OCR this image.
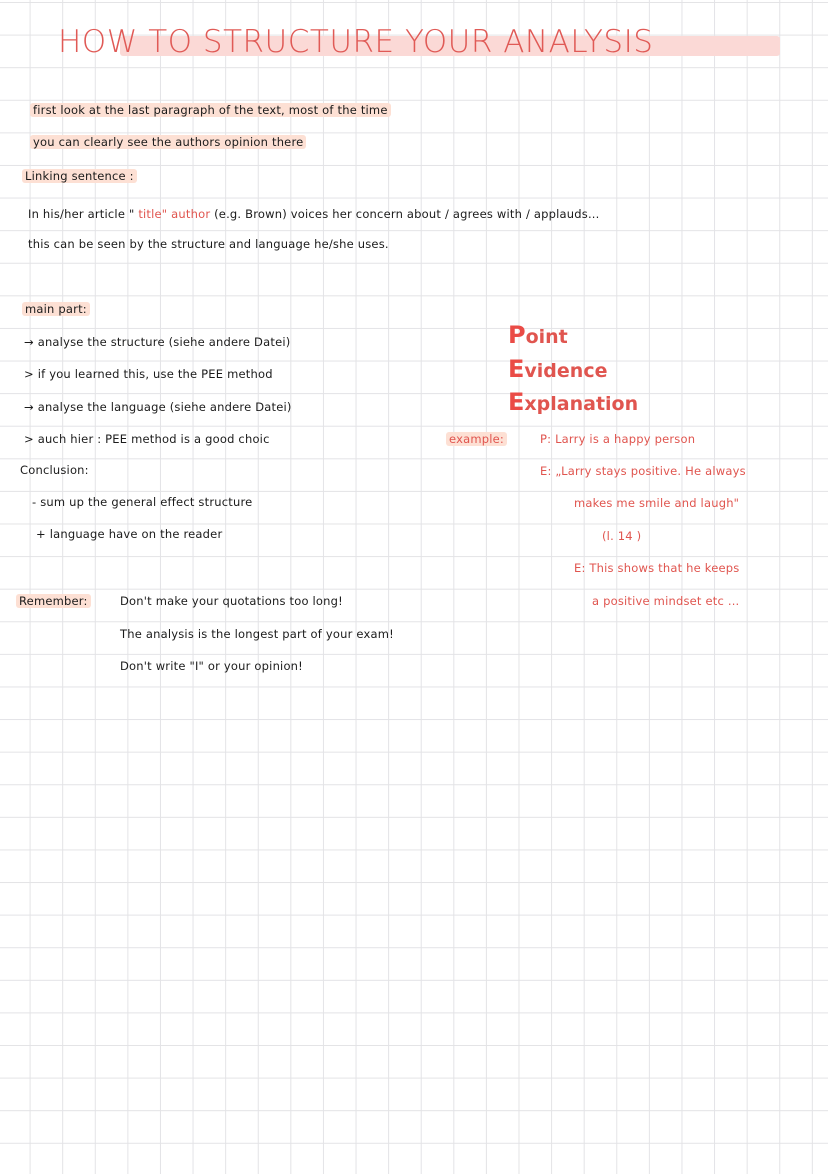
HOW TO STRUCTURE YOUR ANALYSIS
first look at the last paragraph of the text, most of the time
you can clearly see the authors opinion there
Linking sentence :
In his/her article " title" author (e.g. Brown) voices her concern about / agrees with / applauds...
this can be seen by the structure and language he/she uses.
main part:
→ analyse the structure (siehe andere Datei)
> if you learned this, use the PEE method
→ analyse the language (siehe andere Datei)
> auch hier : PEE method is a good choic
Conclusion:
- sum up the general effect structure
+ language have on the reader
Remember:	Don't make your quotations too long!
The analysis is the longest part of your exam!
Don't write "I" or your opinion!
Point
Evidence
Explanation
example:	P: Larry is a happy person
E: „Larry stays positive. He always
makes me smile and laugh"
(l. 14 )
E: This shows that he keeps
a positive mindset etc ...
